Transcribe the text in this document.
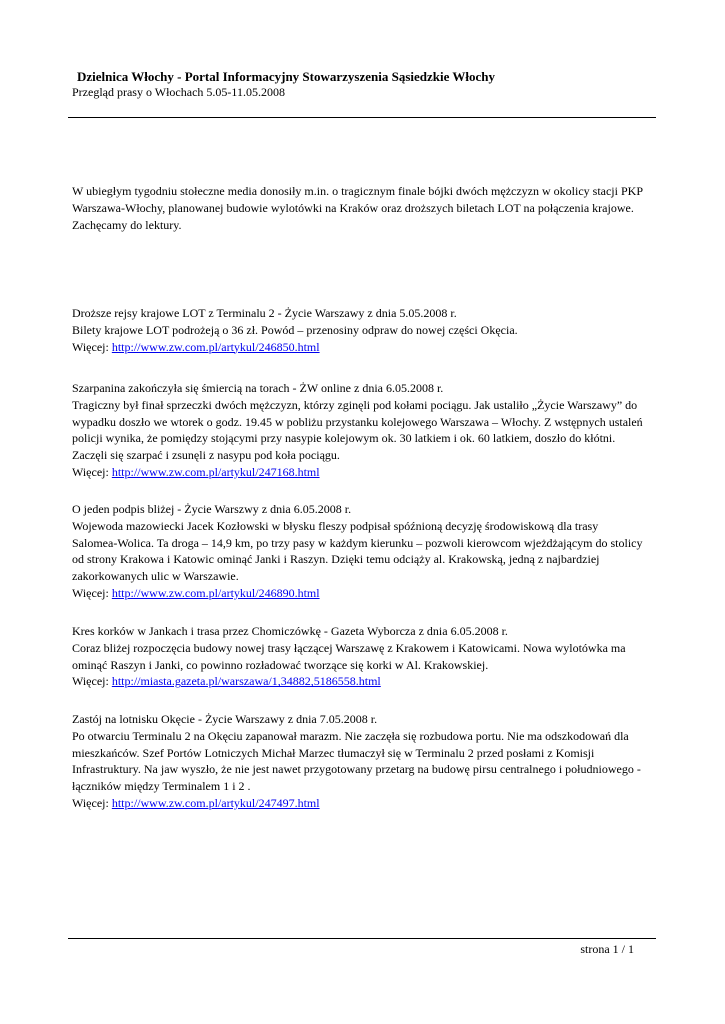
Dzielnica Włochy - Portal Informacyjny Stowarzyszenia Sąsiedzkie Włochy
Przegląd prasy o Włochach 5.05-11.05.2008

W ubiegłym tygodniu stołeczne media donosiły m.in. o tragicznym finale bójki dwóch mężczyzn w okolicy stacji PKP

Warszawa-Włochy, planowanej budowie wylotówki na Kraków oraz droższych biletach LOT na połączenia krajowe.

Zachęcamy do lektury.

Droższe rejsy krajowe LOT z Terminalu 2 - Życie Warszawy z dnia 5.05.2008 r.

Bilety krajowe LOT podrożeją o 36 zł. Powód – przenosiny odpraw do nowej części Okęcia.

Więcej: http://www.zw.com.pl/artykul/246850.html

Szarpanina zakończyła się śmiercią na torach - ŻW online z dnia 6.05.2008 r.

Tragiczny był finał sprzeczki dwóch mężczyzn, którzy zginęli pod kołami pociągu. Jak ustaliło „Życie Warszawy” do

wypadku doszło we wtorek o godz. 19.45 w pobliżu przystanku kolejowego Warszawa – Włochy. Z wstępnych ustaleń

policji wynika, że pomiędzy stojącymi przy nasypie kolejowym ok. 30 latkiem i ok. 60 latkiem, doszło do kłótni.

Zaczęli się szarpać i zsunęli z nasypu pod koła pociągu.

Więcej: http://www.zw.com.pl/artykul/247168.html

O jeden podpis bliżej - Życie Warszwy z dnia 6.05.2008 r.

Wojewoda mazowiecki Jacek Kozłowski w błysku fleszy podpisał spóźnioną decyzję środowiskową dla trasy

Salomea-Wolica. Ta droga – 14,9 km, po trzy pasy w każdym kierunku – pozwoli kierowcom wjeżdżającym do stolicy

od strony Krakowa i Katowic ominąć Janki i Raszyn. Dzięki temu odciąży al. Krakowską, jedną z najbardziej

zakorkowanych ulic w Warszawie.

Więcej: http://www.zw.com.pl/artykul/246890.html

Kres korków w Jankach i trasa przez Chomiczówkę - Gazeta Wyborcza z dnia 6.05.2008 r.

Coraz bliżej rozpoczęcia budowy nowej trasy łączącej Warszawę z Krakowem i Katowicami. Nowa wylotówka ma

ominąć Raszyn i Janki, co powinno rozładować tworzące się korki w Al. Krakowskiej.

Więcej: http://miasta.gazeta.pl/warszawa/1,34882,5186558.html

Zastój na lotnisku Okęcie - Życie Warszawy z dnia 7.05.2008 r.

Po otwarciu Terminalu 2 na Okęciu zapanował marazm. Nie zaczęła się rozbudowa portu. Nie ma odszkodowań dla

mieszkańców. Szef Portów Lotniczych Michał Marzec tłumaczył się w Terminalu 2 przed posłami z Komisji

Infrastruktury. Na jaw wyszło, że nie jest nawet przygotowany przetarg na budowę pirsu centralnego i południowego -

łączników między Terminalem 1 i 2 .

Więcej: http://www.zw.com.pl/artykul/247497.html

strona 1 / 1
